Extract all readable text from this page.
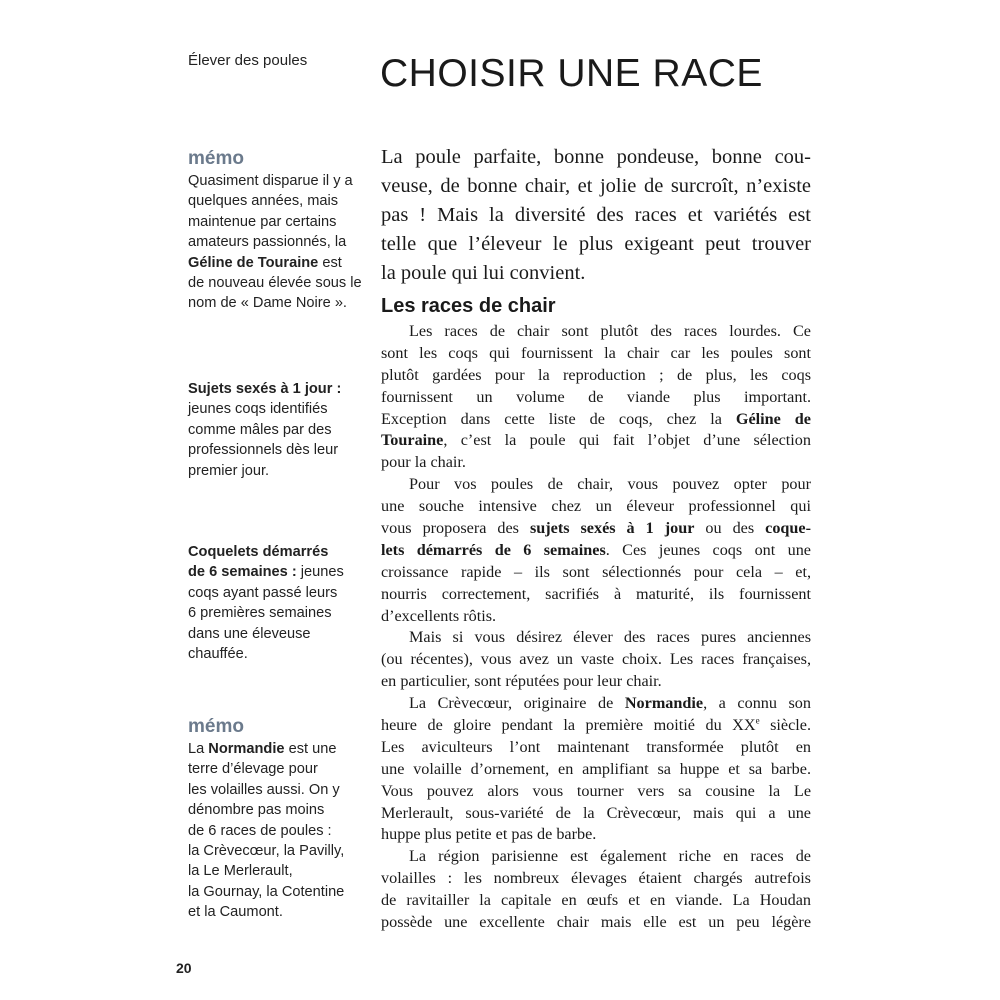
Élever des poules CHOISIR UNE RACE
mémo
Quasiment disparue il y a
quelques années, mais
maintenue par certains
amateurs passionnés, la
Géline de Touraine est
de nouveau élevée sous le
nom de « Dame Noire ».
Sujets sexés à 1 jour :
jeunes coqs identifiés
comme mâles par des
professionnels dès leur
premier jour.
Coquelets démarrés
de 6 semaines : jeunes
coqs ayant passé leurs
6 premières semaines
dans une éleveuse
chauffée.
mémo
La Normandie est une
terre d’élevage pour
les volailles aussi. On y
dénombre pas moins
de 6 races de poules :
la Crèvecœur, la Pavilly,
la Le Merlerault,
la Gournay, la Cotentine
et la Caumont.
La poule parfaite, bonne pondeuse, bonne cou-
veuse, de bonne chair, et jolie de surcroît, n’existe
pas ! Mais la diversité des races et variétés est
telle que l’éleveur le plus exigeant peut trouver
la poule qui lui convient.
Les races de chair
Les races de chair sont plutôt des races lourdes. Ce
sont les coqs qui fournissent la chair car les poules sont
plutôt gardées pour la reproduction ; de plus, les coqs
fournissent un volume de viande plus important.
Exception dans cette liste de coqs, chez la Géline de
Touraine, c’est la poule qui fait l’objet d’une sélection
pour la chair.
Pour vos poules de chair, vous pouvez opter pour
une souche intensive chez un éleveur professionnel qui
vous proposera des sujets sexés à 1 jour ou des coque-
lets démarrés de 6 semaines. Ces jeunes coqs ont une
croissance rapide – ils sont sélectionnés pour cela – et,
nourris correctement, sacrifiés à maturité, ils fournissent
d’excellents rôtis.
Mais si vous désirez élever des races pures anciennes
(ou récentes), vous avez un vaste choix. Les races françaises,
en particulier, sont réputées pour leur chair.
La Crèvecœur, originaire de Normandie, a connu son
heure de gloire pendant la première moitié du XXe siècle.
Les aviculteurs l’ont maintenant transformée plutôt en
une volaille d’ornement, en amplifiant sa huppe et sa barbe.
Vous pouvez alors vous tourner vers sa cousine la Le
Merlerault, sous-variété de la Crèvecœur, mais qui a une
huppe plus petite et pas de barbe.
La région parisienne est également riche en races de
volailles : les nombreux élevages étaient chargés autrefois
de ravitailler la capitale en œufs et en viande. La Houdan
possède une excellente chair mais elle est un peu légère
20
